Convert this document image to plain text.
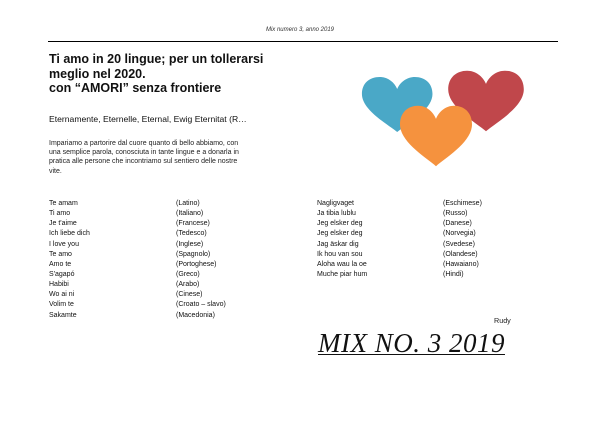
Mix numero 3, anno 2019
Ti amo in 20 lingue; per un tollerarsi
meglio nel 2020.
con “AMORI” senza frontiere
Eternamente, Eternelle, Eternal, Ewig Eternitat (R…
Impariamo a partorire dal cuore quanto di bello abbiamo, con
una semplice parola, conosciuta in tante lingue e a donarla in
pratica alle persone che incontriamo sul sentiero delle nostre
vite.
Te amam
Ti amo
Je t'aime
Ich liebe dich
I love you
Te amo
Amo te
S'agapó
Habibi
Wo ai ni
Volim te
Sakamte
(Latino)
(Italiano)
(Francese)
(Tedesco)
(Inglese)
(Spagnolo)
(Portoghese)
(Greco)
(Arabo)
(Cinese)
(Croato – slavo)
(Macedonia)
Nagligvaget
Ja tibia lublu
Jeg elsker deg
Jeg elsker deg
Jag äskar dig
Ik hou van sou
Aloha wau la oe
Muche piar hum
(Eschimese)
(Russo)
(Danese)
(Norvegia)
(Svedese)
(Olandese)
(Hawaiano)
(Hindi)
Rudy
MIX NO. 3 2019
